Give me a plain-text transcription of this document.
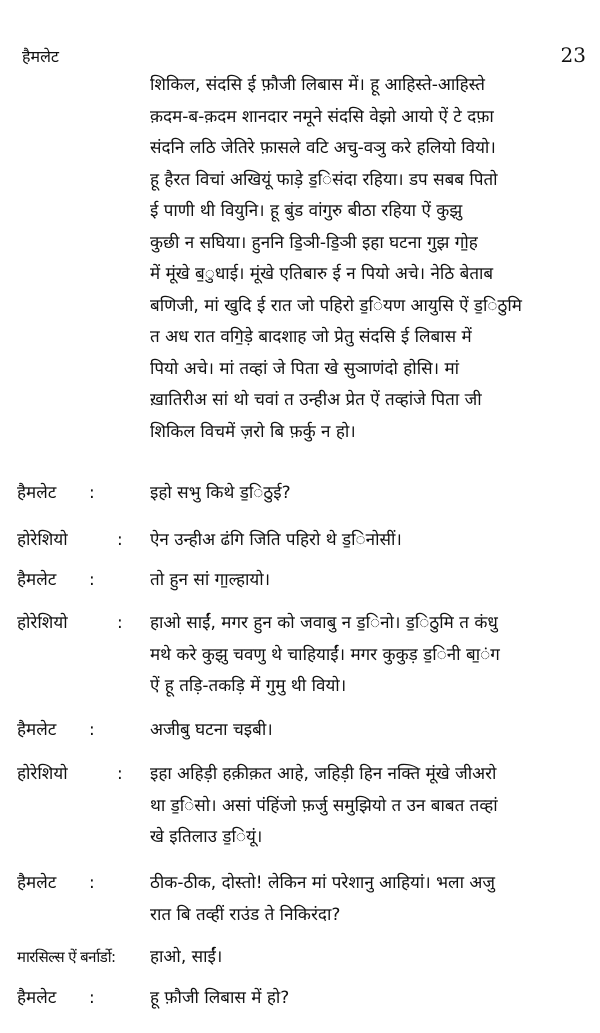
हैमलेट	23

शिकिल, संदसि ई फ़ौजी लिबास में। हू आहिस्ते-आहिस्ते
क़दम-ब-क़दम शानदार नमूने संदसि वेझो आयो ऐं टे दफ़ा
संदनि लठि जेतिरे फ़ासले वटि अचु-वञु करे हलियो वियो।
हू हैरत विचां अखियूं फाड़े ड॒िसंदा रहिया। डप सबब पितो
ई पाणी थी वियुनि। हू बुंड वांगुरु बीठा रहिया ऐं कुझु
कुछी न सघिया। हुननि डि॒ञी-डि॒ञी इहा घटना गुझ गो॒ह
में मूंखे ब॒ुधाई। मूंखे एतिबारु ई न पियो अचे। नेठि बेताब
बणिजी, मां खुदि ई रात जो पहिरो ड॒ियण आयुसि ऐं ड॒िठुमि
त अध रात वगि॒ड़े बादशाह जो प्रेतु संदसि ई लिबास में
पियो अचे। मां तव्हां जे पिता खे सुञाणंदो होसि। मां
ख़ातिरीअ सां थो चवां त उन्हीअ प्रेत ऐं तव्हांजे पिता जी
शिकिल विचमें ज़रो बि फ़र्कु न हो।

हैमलेट :	इहो सभु किथे ड॒िठुई?
होरेशियो	: ऐन उन्हीअ ढंगि जिति पहिरो थे ड॒िनोसीं।
हैमलेट :	तो हुन सां गा॒ल्हायो।
होरेशियो	: हाओ साईं, मगर हुन को जवाबु न ड॒िनो। ड॒िठुमि त कंधु
मथे करे कुझु चवणु थे चाहियाईं। मगर कुकुड़ ड॒िनी बा॒ंग
ऐं हू तड़ि-तकड़ि में गुमु थी वियो।
हैमलेट :	अजीबु घटना चइबी।
होरेशियो	: इहा अहिड़ी हक़ीक़त आहे, जहिड़ी हिन नक्ति मूंखे जीअरो
था ड॒िसो। असां पंहिंजो फ़र्जु समुझियो त उन बाबत तव्हां
खे इतिलाउ ड॒ियूं।
हैमलेट :	ठीक-ठीक, दोस्तो! लेकिन मां परेशानु आहियां। भला अजु
रात बि तव्हीं राउंड ते निकिरंदा?
मारसिल्स ऐं बर्नार्डो:	हाओ, साईं।
हैमलेट :	हू फ़ौजी लिबास में हो?
